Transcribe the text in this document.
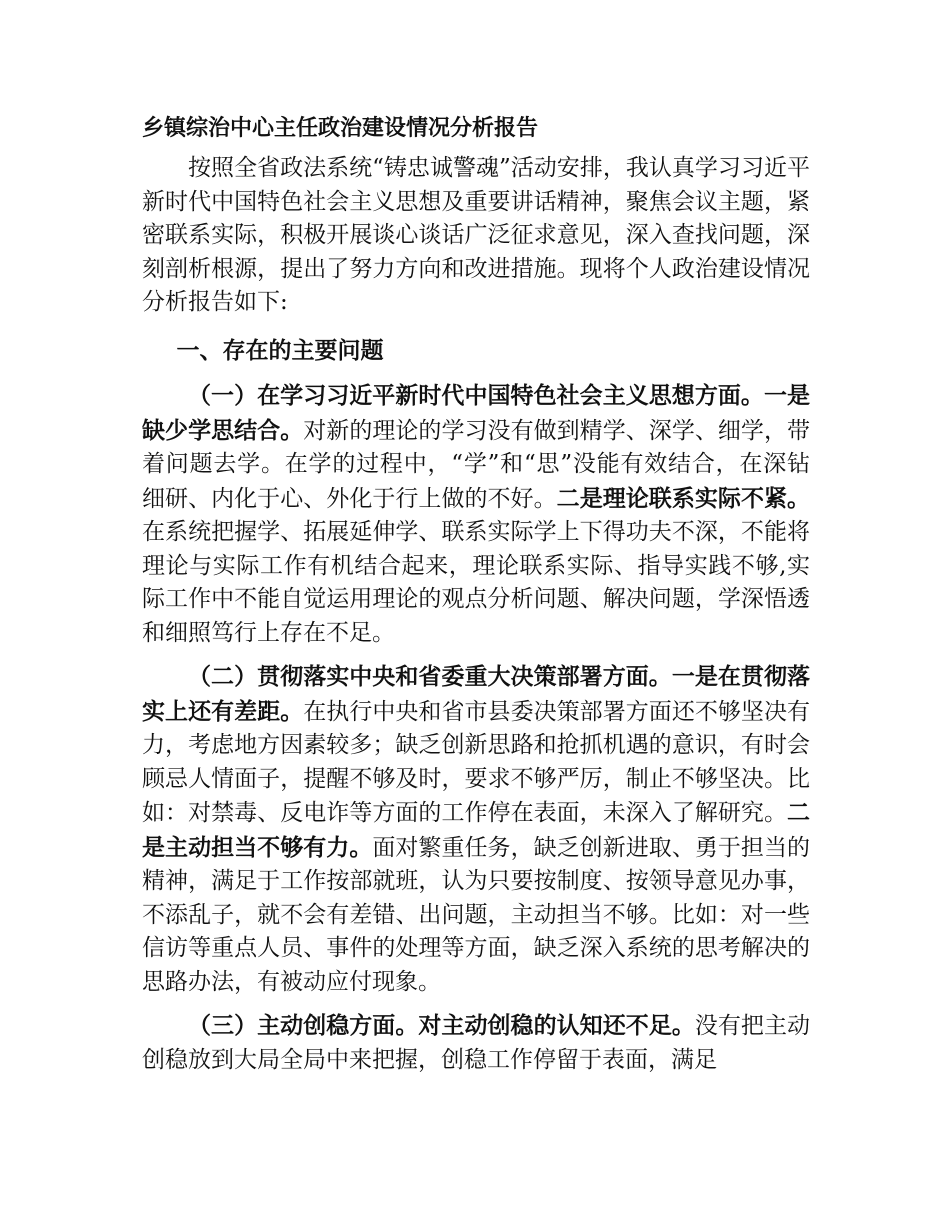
乡镇综治中心主任政治建设情况分析报告

按照全省政法系统“铸忠诚警魂”活动安排，我认真学习习近平新时代中国特色社会主义思想及重要讲话精神，聚焦会议主题，紧密联系实际，积极开展谈心谈话广泛征求意见，深入查找问题，深刻剖析根源，提出了努力方向和改进措施。现将个人政治建设情况分析报告如下:

一、存在的主要问题

（一）在学习习近平新时代中国特色社会主义思想方面。一是缺少学思结合。对新的理论的学习没有做到精学、深学、细学，带着问题去学。在学的过程中，“学”和“思”没能有效结合，在深钻细研、内化于心、外化于行上做的不好。二是理论联系实际不紧。在系统把握学、拓展延伸学、联系实际学上下得功夫不深，不能将理论与实际工作有机结合起来，理论联系实际、指导实践不够,实际工作中不能自觉运用理论的观点分析问题、解决问题，学深悟透和细照笃行上存在不足。

（二）贯彻落实中央和省委重大决策部署方面。一是在贯彻落实上还有差距。在执行中央和省市县委决策部署方面还不够坚决有力，考虑地方因素较多；缺乏创新思路和抢抓机遇的意识，有时会顾忌人情面子，提醒不够及时，要求不够严厉，制止不够坚决。比如：对禁毒、反电诈等方面的工作停在表面，未深入了解研究。二是主动担当不够有力。面对繁重任务，缺乏创新进取、勇于担当的精神，满足于工作按部就班，认为只要按制度、按领导意见办事，不添乱子，就不会有差错、出问题，主动担当不够。比如：对一些信访等重点人员、事件的处理等方面，缺乏深入系统的思考解决的思路办法，有被动应付现象。

（三）主动创稳方面。对主动创稳的认知还不足。没有把主动创稳放到大局全局中来把握，创稳工作停留于表面，满足
